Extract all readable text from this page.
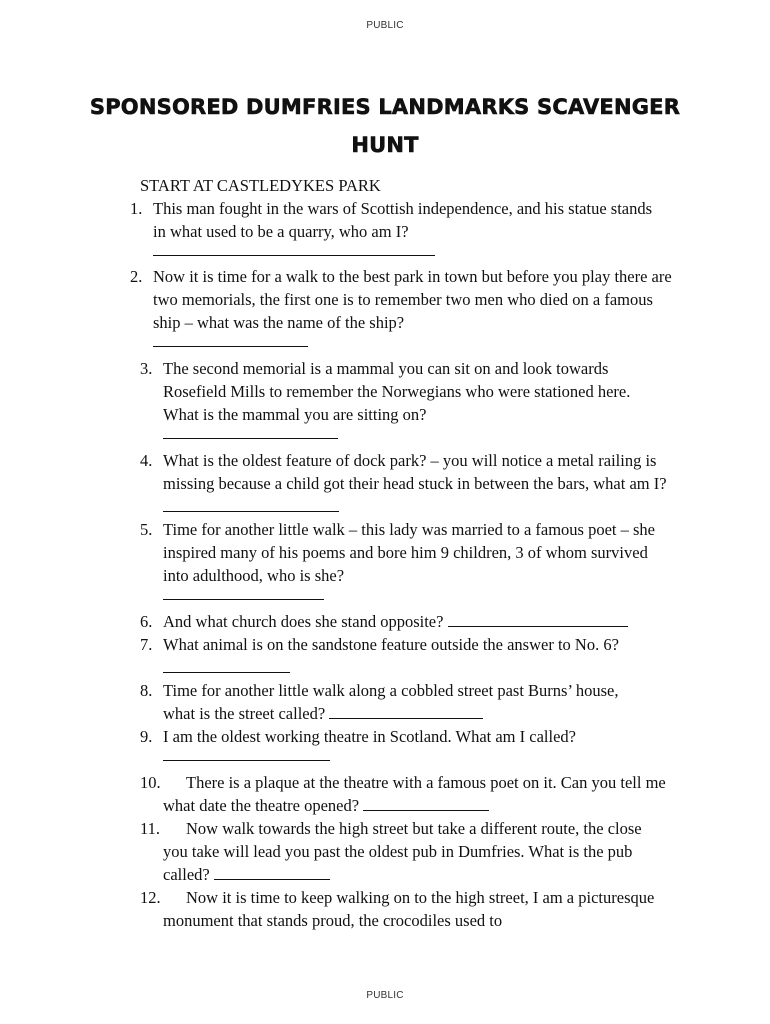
PUBLIC
SPONSORED DUMFRIES LANDMARKS SCAVENGER HUNT
START AT CASTLEDYKES PARK
1. This man fought in the wars of Scottish independence, and his statue stands in what used to be a quarry, who am I?
2. Now it is time for a walk to the best park in town but before you play there are two memorials, the first one is to remember two men who died on a famous ship – what was the name of the ship?
3. The second memorial is a mammal you can sit on and look towards Rosefield Mills to remember the Norwegians who were stationed here. What is the mammal you are sitting on?
4. What is the oldest feature of dock park? – you will notice a metal railing is missing because a child got their head stuck in between the bars, what am I?
5. Time for another little walk – this lady was married to a famous poet – she inspired many of his poems and bore him 9 children, 3 of whom survived into adulthood, who is she?
6. And what church does she stand opposite?
7. What animal is on the sandstone feature outside the answer to No. 6?
8. Time for another little walk along a cobbled street past Burns’ house, what is the street called?
9. I am the oldest working theatre in Scotland. What am I called?
10.	There is a plaque at the theatre with a famous poet on it. Can you tell me what date the theatre opened?
11.	Now walk towards the high street but take a different route, the close you take will lead you past the oldest pub in Dumfries. What is the pub called?
12.	Now it is time to keep walking on to the high street, I am a picturesque monument that stands proud, the crocodiles used to
PUBLIC
